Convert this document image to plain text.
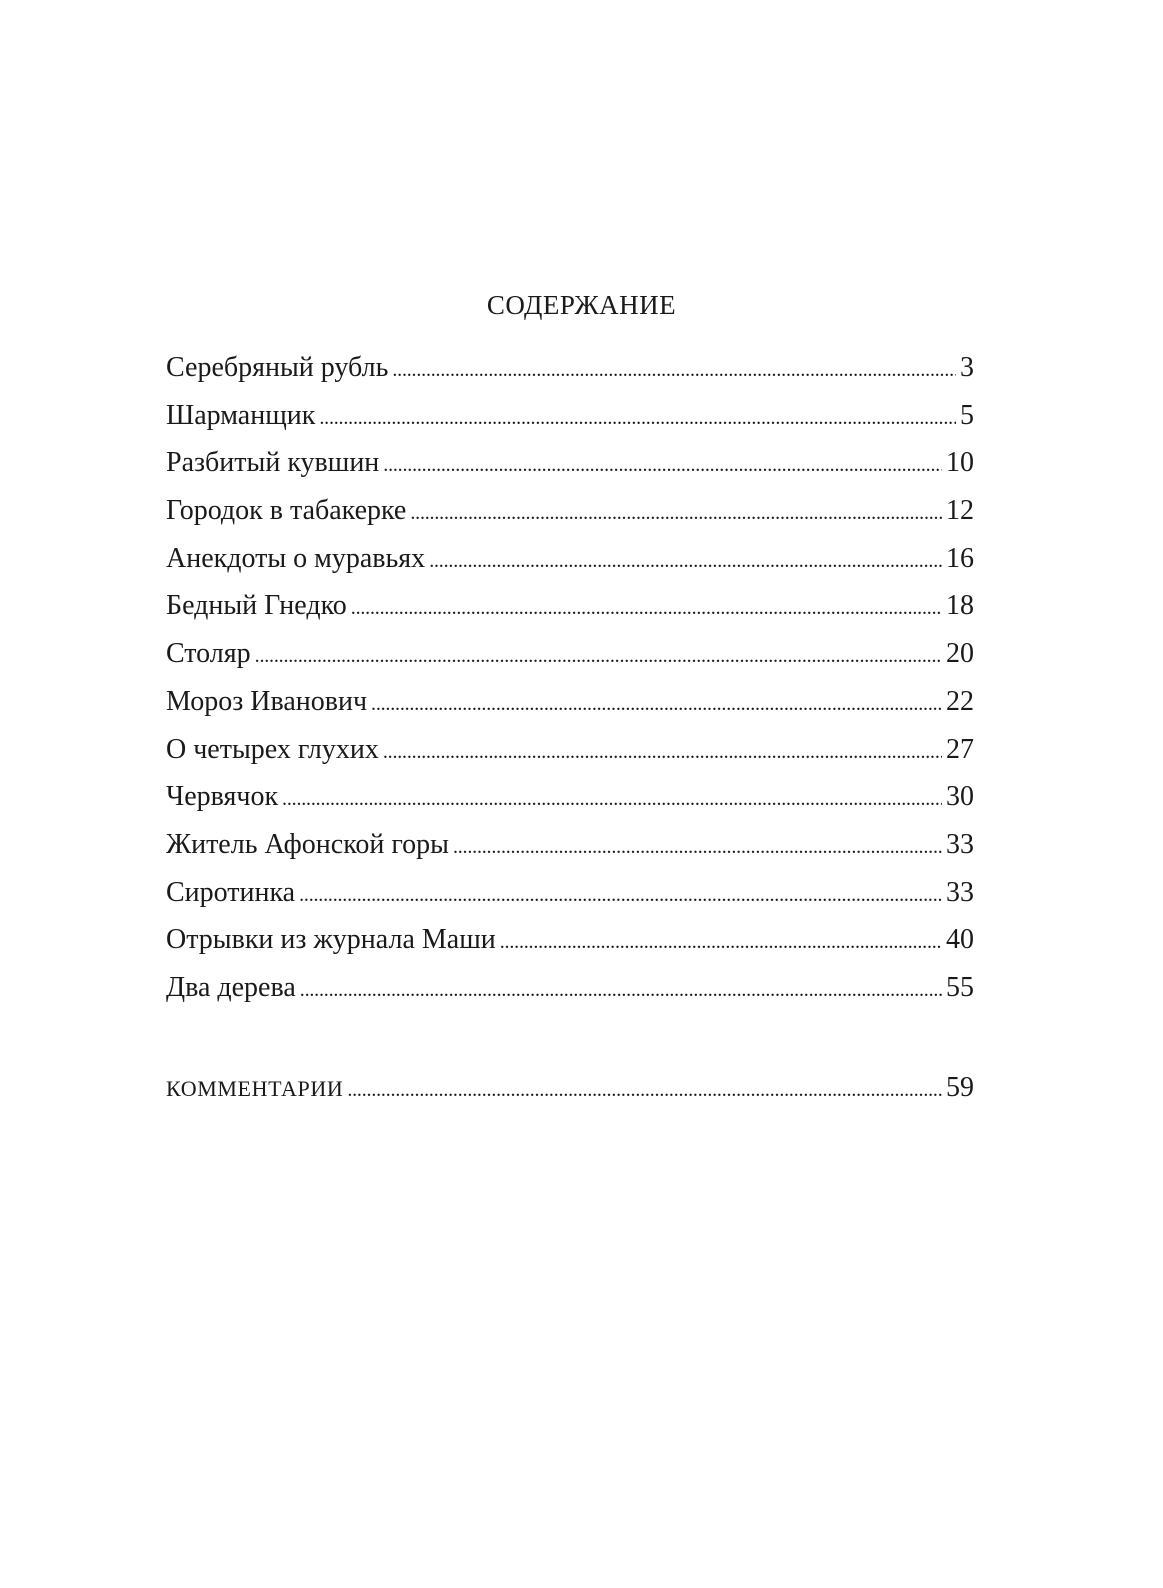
СОДЕРЖАНИЕ
Серебряный рубль . . .	3
Шарманщик . . .	5
Разбитый кувшин . . .	10
Городок в табакерке . . .	12
Анекдоты о муравьях . . .	16
Бедный Гнедко . . .	18
Столяр . . .	20
Мороз Иванович . . .	22
О четырех глухих . . .	27
Червячок . . .	30
Житель Афонской горы . . .	33
Сиротинка . . .	33
Отрывки из журнала Маши . . .	40
Два дерева . . .	55
КОММЕНТАРИИ . . .	59
